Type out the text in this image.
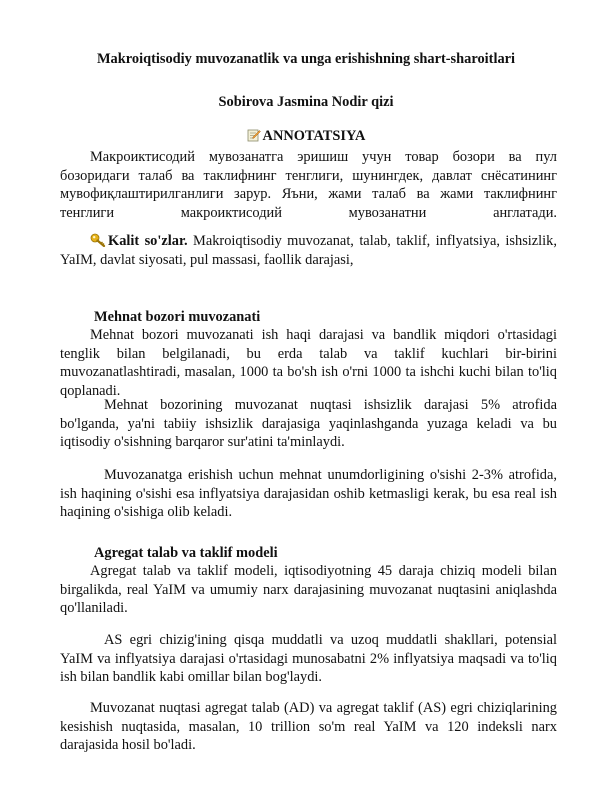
Makroiqtisodiy muvozanatlik va unga erishishning shart-sharoitlari
Sobirova Jasmina Nodir qizi
ANNOTATSIYA
Макроиктисодий мувозанатга эришиш учун товар бозори ва пул бозоридаги талаб ва таклифнинг тенглиги, шунингдек, давлат снёсатининг мувофиқлаштирилганлиги зарур. Яъни, жами талаб ва жами таклифнинг тенглиги макроиктисодий мувозанатни англатади.
Kalit so'zlar. Makroiqtisodiy muvozanat, talab, taklif, inflyatsiya, ishsizlik, YaIM, davlat siyosati, pul massasi, faollik darajasi,
Mehnat bozori muvozanati
Mehnat bozori muvozanati ish haqi darajasi va bandlik miqdori o'rtasidagi tenglik bilan belgilanadi, bu erda talab va taklif kuchlari bir-birini muvozanatlashtiradi, masalan, 1000 ta bo'sh ish o'rni 1000 ta ishchi kuchi bilan to'liq qoplanadi.
Mehnat bozorining muvozanat nuqtasi ishsizlik darajasi 5% atrofida bo'lganda, ya'ni tabiiy ishsizlik darajasiga yaqinlashganda yuzaga keladi va bu iqtisodiy o'sishning barqaror sur'atini ta'minlaydi.
Muvozanatga erishish uchun mehnat unumdorligining o'sishi 2-3% atrofida, ish haqining o'sishi esa inflyatsiya darajasidan oshib ketmasligi kerak, bu esa real ish haqining o'sishiga olib keladi.
Agregat talab va taklif modeli
Agregat talab va taklif modeli, iqtisodiyotning 45 daraja chiziq modeli bilan birgalikda, real YaIM va umumiy narx darajasining muvozanat nuqtasini aniqlashda qo'llaniladi.
AS egri chizig'ining qisqa muddatli va uzoq muddatli shakllari, potensial YaIM va inflyatsiya darajasi o'rtasidagi munosabatni 2% inflyatsiya maqsadi va to'liq ish bilan bandlik kabi omillar bilan bog'laydi.
Muvozanat nuqtasi agregat talab (AD) va agregat taklif (AS) egri chiziqlarining kesishish nuqtasida, masalan, 10 trillion so'm real YaIM va 120 indeksli narx darajasida hosil bo'ladi.
